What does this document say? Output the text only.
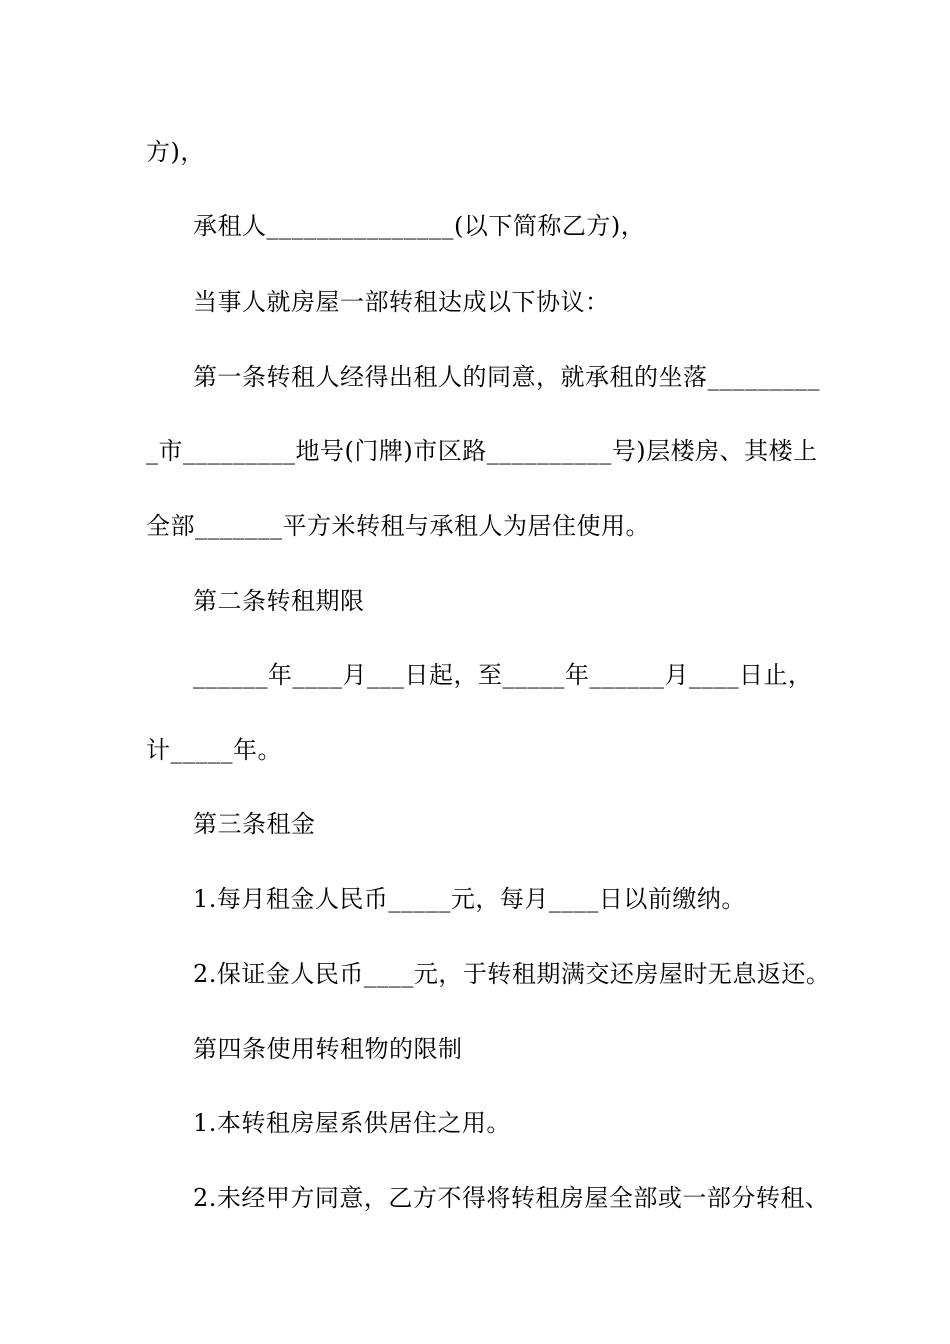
方)，
承租人_______________(以下简称乙方)，
当事人就房屋一部转租达成以下协议：
第一条转租人经得出租人的同意，就承租的坐落_________
_市_________地号(门牌)市区路__________号)层楼房、其楼上
全部_______平方米转租与承租人为居住使用。
第二条转租期限
______年____月___日起，至_____年______月____日止，
计_____年。
第三条租金
1.每月租金人民币_____元，每月____日以前缴纳。
2.保证金人民币____元，于转租期满交还房屋时无息返还。
第四条使用转租物的限制
1.本转租房屋系供居住之用。
2.未经甲方同意，乙方不得将转租房屋全部或一部分转租、
